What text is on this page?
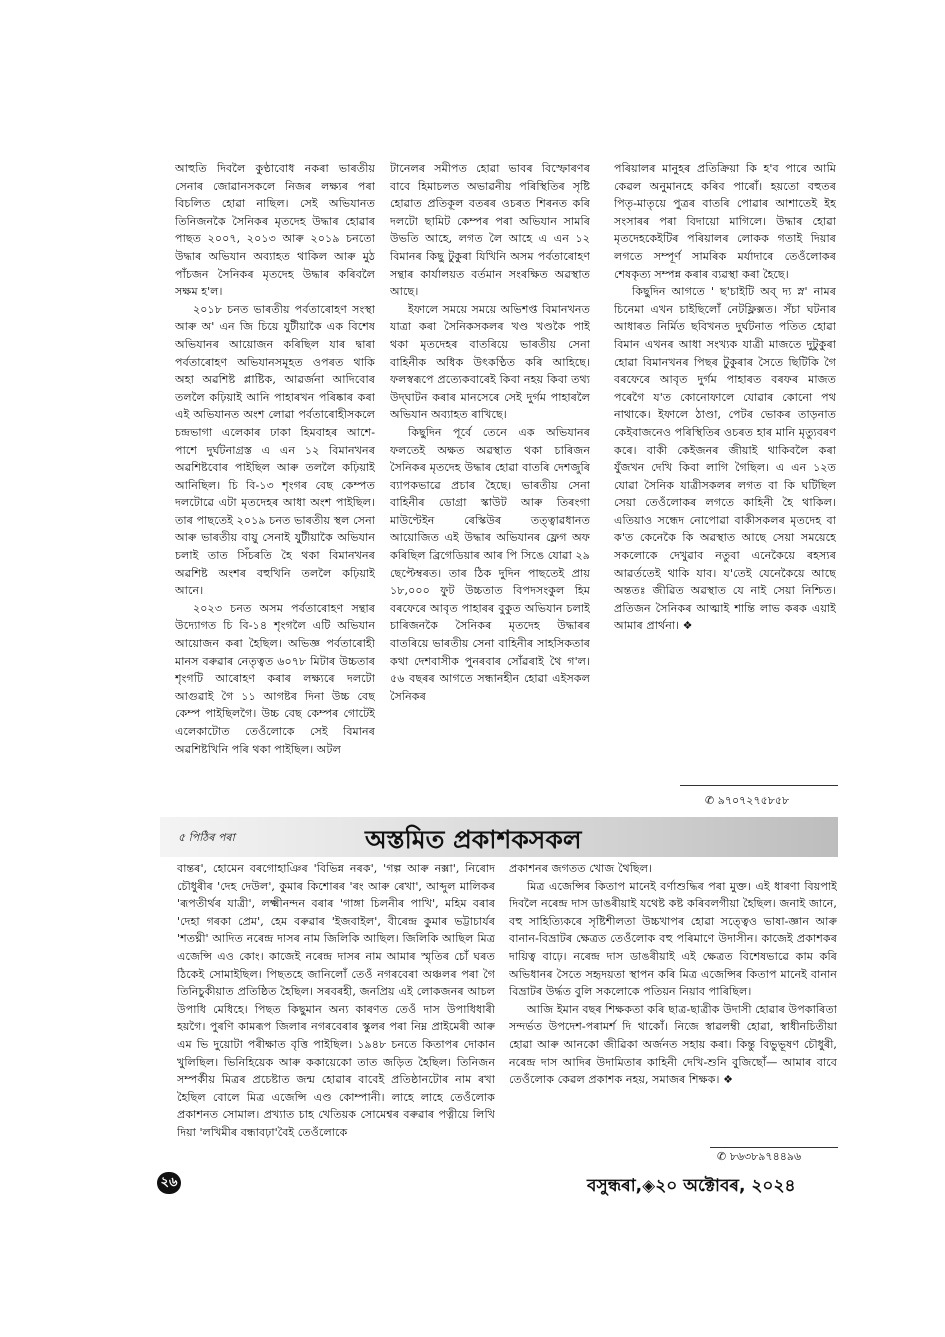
আহুতি দিবলৈ কুণ্ঠাবোধ নকৰা ভাৰতীয় সেনাৰ জোৱানসকলে নিজৰ লক্ষ্যৰ পৰা বিচলিত হোৱা নাছিল। সেই অভিযানত তিনিজনকৈ সৈনিকৰ মৃতদেহ উদ্ধাৰ হোৱাৰ পাছত ২০০৭, ২০১৩ আৰু ২০১৯ চনতো উদ্ধাৰ অভিযান অব্যাহত থাকিল আৰু মুঠ পাঁচজন সৈনিকৰ মৃতদেহ উদ্ধাৰ কৰিবলৈ সক্ষম হ'ল।

২০১৮ চনত ভাৰতীয় পৰ্বতাৰোহণ সংস্থা আৰু অ' এন জি চিয়ে যুটীয়াকৈ এক বিশেষ অভিযানৰ আয়োজন কৰিছিল যাৰ দ্বাৰা পৰ্বতাৰোহণ অভিযানসমূহত ওপৰত থাকি অহা অৱশিষ্ট প্লাষ্টিক, আৱৰ্জনা আদিবোৰ তললৈ কঢ়িয়াই আনি পাহাৰখন পৰিষ্কাৰ কৰা এই অভিযানত অংশ লোৱা পৰ্বতাৰোহীসকলে চন্দ্ৰভাগা এলেকাৰ ঢাকা হিমবাহৰ আশে- পাশে দুৰ্ঘটনাগ্ৰস্ত এ এন ১২ বিমানখনৰ অৱশিষ্টবোৰ পাইছিল আৰু তললৈ কঢ়িয়াই আনিছিল। চি বি-১৩ শৃংগৰ বেছ কেম্পত দলটোৱে এটা মৃতদেহৰ আধা অংশ পাইছিল। তাৰ পাছতেই ২০১৯ চনত ভাৰতীয় স্থল সেনা আৰু ভাৰতীয় বায়ু সেনাই যুটীয়াকৈ অভিযান চলাই তাত সিঁচৰতি হৈ থকা বিমানখনৰ অৱশিষ্ট অংশৰ বহুখিনি তললৈ কঢ়িয়াই আনে।

২০২৩ চনত অসম পৰ্বতাৰোহণ সন্থাৰ উদ্যোগত চি বি-১৪ শৃংগলৈ এটি অভিযান আয়োজন কৰা হৈছিল। অভিজ্ঞ পৰ্বতাৰোহী মানস বৰুৱাৰ নেতৃত্বত ৬০৭৮ মিটাৰ উচ্চতাৰ শৃংগটি আৰোহণ কৰাৰ লক্ষ্যৰে দলটো আগুৱাই গৈ ১১ আগষ্টৰ দিনা উচ্চ বেছ কেম্প পাইছিলগৈ। উচ্চ বেছ কেম্পৰ গোটেই এলেকাটোত তেওঁলোকে সেই বিমানৰ অৱশিষ্টখিনি পৰি থকা পাইছিল। অটল

টানেলৰ সমীপত হোৱা ভাবৰ বিস্ফোৰণৰ বাবে হিমাচলত অভাৱনীয় পৰিস্থিতিৰ সৃষ্টি হোৱাত প্ৰতিকূল বতৰৰ ওচৰত শিৰনত কৰি দলটো ছামিট কেম্পৰ পৰা অভিযান সামৰি উভতি আহে, লগত লৈ আহে এ এন ১২ বিমানৰ কিছু টুকুৰা যিখিনি অসম পৰ্বতাৰোহণ সন্থাৰ কাৰ্যালয়ত বৰ্তমান সংৰক্ষিত অৱস্থাত আছে।

ইফালে সময়ে সময়ে অভিশপ্ত বিমানখনত যাত্ৰা কৰা সৈনিকসকলৰ খণ্ড খণ্ডকৈ পাই থকা মৃতদেহৰ বাতৰিয়ে ভাৰতীয় সেনা বাহিনীক অধিক উৎকণ্ঠিত কৰি আহিছে। ফলস্বৰূপে প্ৰত্যেকবাৰেই কিবা নহয় কিবা তথ্য উদ্‌ঘাটন কৰাৰ মানসেৰে সেই দুৰ্গম পাহাৰলৈ অভিযান অব্যাহত ৰাখিছে।

কিছুদিন পূৰ্বে তেনে এক অভিযানৰ ফলতেই অক্ষত অৱস্থাত থকা চাৰিজন সৈনিকৰ মৃতদেহ উদ্ধাৰ হোৱা বাতৰি দেশজুৰি ব্যাপকভাৱে প্ৰচাৰ হৈছে। ভাৰতীয় সেনা বাহিনীৰ ডোগ্ৰা স্কাউট আৰু তিৰংগা মাউণ্টেইন ৰেস্কিউৰ তত্ত্বাৱধানত আয়োজিত এই উদ্ধাৰ অভিযানৰ ফ্লেগ অফ কৰিছিল ব্ৰিগেডিয়াৰ আৰ পি সিঙে যোৱা ২৯ ছেপ্টেম্বৰত। তাৰ ঠিক দুদিন পাছতেই প্ৰায় ১৮,০০০ ফুট উচ্চতাত বিপদসংকুল হিম বৰফেৰে আবৃত পাহাৰৰ বুকুত অভিযান চলাই চাৰিজনকৈ সৈনিকৰ মৃতদেহ উদ্ধাৰৰ বাতৰিয়ে ভাৰতীয় সেনা বাহিনীৰ সাহসিকতাৰ কথা দেশবাসীক পুনৰবাৰ সোঁৱৰাই থৈ গ'ল। ৫৬ বছৰৰ আগতে সন্ধানহীন হোৱা এইসকল সৈনিকৰ

পৰিয়ালৰ মানুহৰ প্ৰতিক্ৰিয়া কি হ'ব পাৰে আমি কেৱল অনুমানহে কৰিব পাৰোঁ। হয়তো বহুতৰ পিতৃ-মাতৃয়ে পুত্ৰৰ বাতৰি পোৱাৰ আশাতেই ইহ সংসাৰৰ পৰা বিদায়ো মাগিলে। উদ্ধাৰ হোৱা মৃতদেহকেইটিৰ পৰিয়ালৰ লোকক গতাই দিয়াৰ লগতে সম্পূৰ্ণ সামৰিক মৰ্যাদাৰে তেওঁলোকৰ শেষকৃত্য সম্পন্ন কৰাৰ ব্যৱস্থা কৰা হৈছে।

কিছুদিন আগতে ' ছ'চাইটি অব্‌ দ্য স্ন' নামৰ চিনেমা এখন চাইছিলোঁ নেটফ্লিক্সত। সঁচা ঘটনাৰ আধাৰত নিৰ্মিত ছবিখনত দুৰ্ঘটনাত পতিত হোৱা বিমান এখনৰ আধা সংখ্যক যাত্ৰী মাজতে দুটুকুৰা হোৱা বিমানখনৰ পিছৰ টুকুৰাৰ সৈতে ছিটিকি গৈ বৰফেৰে আবৃত দুৰ্গম পাহাৰত বৰফৰ মাজত পৰেগৈ য'ত কোনোফালে যোৱাৰ কোনো পথ নাথাকে। ইফালে ঠাণ্ডা, পেটৰ ভোকৰ তাড়নাত কেইবাজনেও পৰিস্থিতিৰ ওচৰত হাৰ মানি মৃত্যুবৰণ কৰে। বাকী কেইজনৰ জীয়াই থাকিবলৈ কৰা যুঁজখন দেখি কিবা লাগি গৈছিল। এ এন ১২ত যোৱা সৈনিক যাত্ৰীসকলৰ লগত বা কি ঘটিছিল সেয়া তেওঁলোকৰ লগতে কাহিনী হৈ থাকিল। এতিয়াও সন্ধেদ নোপোৱা বাকীসকলৰ মৃতদেহ বা ক'ত কেনেকৈ কি অৱস্থাত আছে সেয়া সময়েহে সকলোকে দেখুৱাব নতুবা এনেকৈয়ে ৰহস্যৰ আৱৰ্তত‌েই থাকি যাব। য'তেই যেনেকৈয়ে আছে অন্ততঃ জীৱিত অৱস্থাত যে নাই সেয়া নিশ্চিত। প্ৰতিজন সৈনিকৰ আত্মাই শান্তি লাভ কৰক এয়াই আমাৰ প্ৰাৰ্থনা। ❖

✆ ৯৭০৭২৭৫৮৫৮
৫ পিঠিৰ পৰা	অস্তমিত প্ৰকাশকসকল

বান্তৰ', হোমেন বৰগোহাঞিৰ 'বিভিন্ন নৰক', 'গল্প আৰু নক্সা', নিৰোদ চৌধুৰীৰ 'দেহ দেউল', কুমাৰ কিশোৰৰ 'ৰং আৰু ৰেখা', আব্দুল মালিকৰ 'ৰূপতীৰ্থৰ যাত্ৰী', লক্ষ্মীনন্দন বৰাৰ 'গাঙ্গা চিলনীৰ পাখি', মহিম বৰাৰ 'দেহা গৰকা প্ৰেম', হেম বৰুৱাৰ 'ইজবাইল', বীৰেন্দ্ৰ কুমাৰ ভট্টাচাৰ্যৰ 'শতঘ্নী' আদিত নৰেন্দ্ৰ দাসৰ নাম জিলিকি আছিল। জিলিকি আছিল মিত্ৰ এজেন্সি এও কোং। কাজেই নৰেন্দ্ৰ দাসৰ নাম আমাৰ স্মৃতিৰ চোঁ ঘৰত ঠিকেই সোমাইছিল। পিছতহে জানিলোঁ তেওঁ নগৰবেৰা অঞ্চলৰ পৰা গৈ তিনিচুকীয়াত প্ৰতিষ্ঠিত হৈছিল। সৰবৰহী, জনপ্ৰিয় এই লোকজনৰ আচল উপাধি মেধিহে। পিছত কিছুমান অন্য কাৰণত তেওঁ দাস উপাধিধাৰী হয়গৈ। পুৰণি কামৰূপ জিলাৰ নগৰবেৰাৰ স্কুলৰ পৰা নিম্ন প্ৰাইমেৰী আৰু এম ভি দুয়োটা পৰীক্ষাত বৃত্তি পাইছিল। ১৯৪৮ চনতে কিতাপৰ দোকান খুলিছিল। ভিনিহিয়েক আৰু ককায়েকো তাত জড়িত হৈছিল। তিনিজন সম্পৰ্কীয় মিত্ৰৰ প্ৰচেষ্টাত জন্ম হোৱাৰ বাবেই প্ৰতিষ্ঠানটোৰ নাম ৰখা হৈছিল বোলে মিত্ৰ এজেন্সি এণ্ড কোম্পানী। লাহে লাহে তেওঁলোক প্ৰকাশনত সোমাল। প্ৰখ্যাত চাহ খেতিয়ক সোমেশ্বৰ বৰুৱাৰ পত্নীয়ে লিখি দিয়া 'লখিমীৰ বন্ধাবঢ়া'বৈই তেওঁলোকে

প্ৰকাশনৰ জগতত খোজ থৈছিল।

মিত্ৰ এজেন্সিৰ কিতাপ মানেই বৰ্ণাশুদ্ধিৰ পৰা মুক্ত। এই ধাৰণা বিয়পাই দিবলৈ নৰেন্দ্ৰ দাস ডাঙৰীয়াই যথেষ্ট কষ্ট কৰিবলগীয়া হৈছিল। জনাই জানে, বহু সাহিত্যিকৰে সৃষ্টিশীলতা উচ্চখাপৰ হোৱা সত্ত্বেও ভাষা-জ্ঞান আৰু বানান-বিভ্ৰাটৰ ক্ষেত্ৰত তেওঁলোক বহু পৰিমাণে উদাসীন। কাজেই প্ৰকাশকৰ দায়িত্ব বাঢ়ে। নৰেন্দ্ৰ দাস ডাঙৰীয়াই এই ক্ষেত্ৰত বিশেষভাৱে কাম কৰি অভিধানৰ সৈতে সহৃদয়তা স্থাপন কৰি মিত্ৰ এজেন্সিৰ কিতাপ মানেই বানান বিভ্ৰাটৰ উৰ্দ্ধত বুলি সকলোকে পতিয়ন নিয়াব পাৰিছিল।

আজি ইমান বছৰ শিক্ষকতা কৰি ছাত্ৰ-ছাত্ৰীক উদাসী হোৱাৰ উপকাৰিতা সন্দৰ্ভত উপদেশ-পৰামৰ্শ দি থাকোঁ। নিজে স্বাৱলম্বী হোৱা, স্বাধীনচিতীয়া হোৱা আৰু আনকো জীৱিকা অৰ্জনত সহায় কৰা। কিন্তু বিভুভূষণ চৌধুৰী, নৰেন্দ্ৰ দাস আদিৰ উদামিতাৰ কাহিনী দেখি-শুনি বুজিছোঁ— আমাৰ বাবে তেওঁলোক কেৱল প্ৰকাশক নহয়, সমাজৰ শিক্ষক। ❖

✆ ৮৬৩৮৯৭৪৪৯৬
২৬	বসুন্ধৰা,◈২০ অক্টোবৰ, ২০২৪
